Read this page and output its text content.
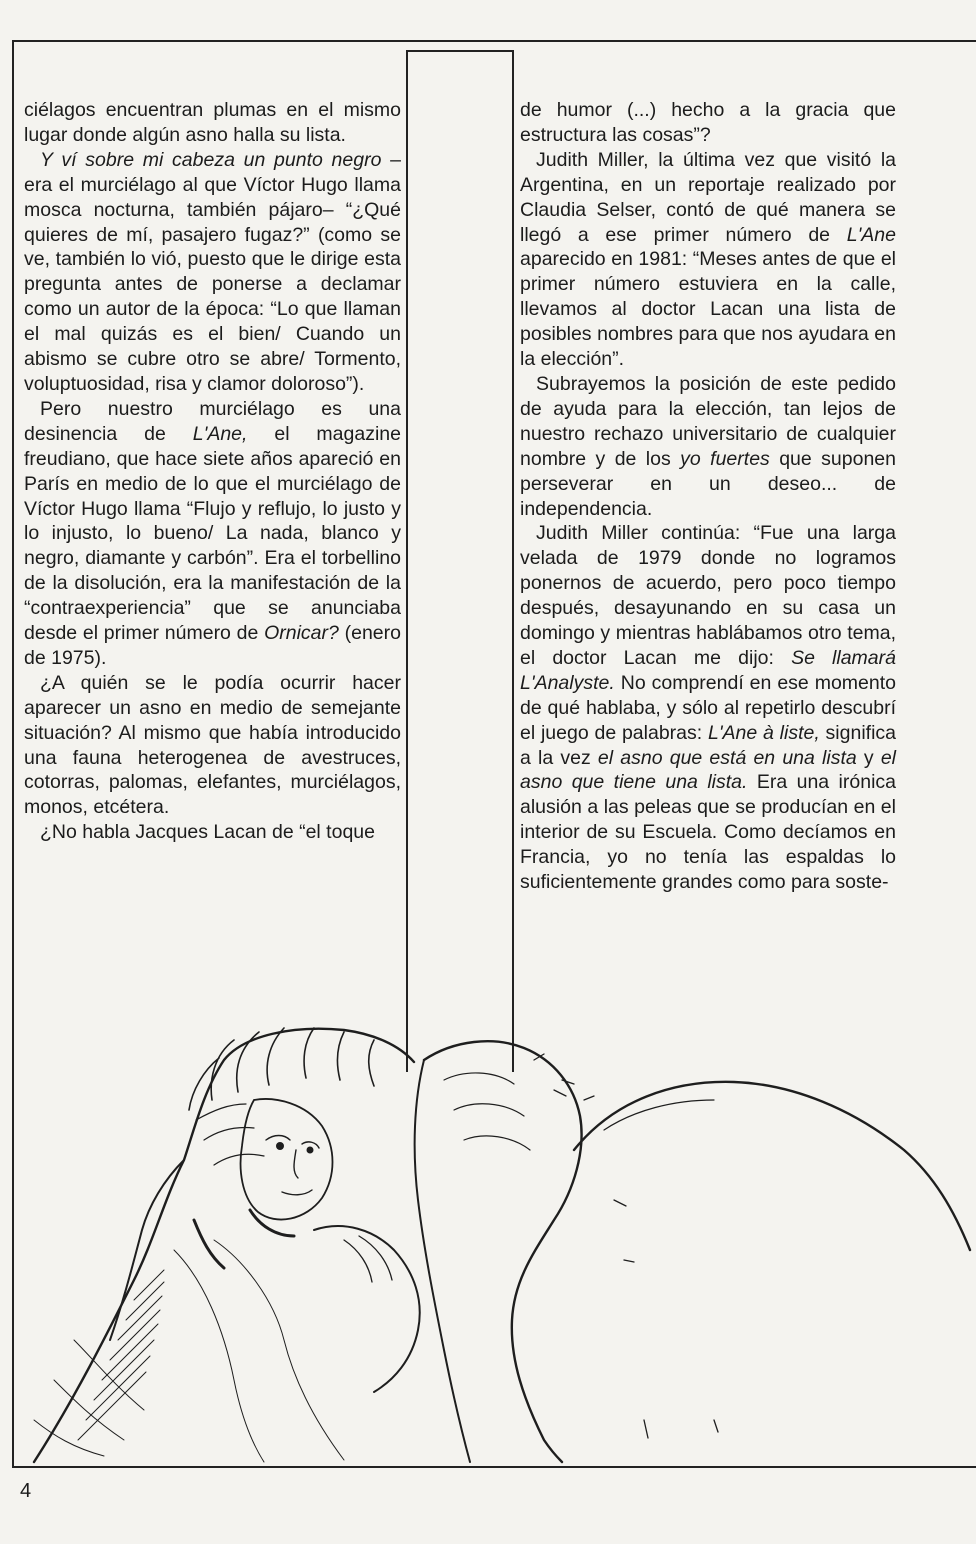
ciélagos encuentran plumas en el mismo lugar donde algún asno halla su lista.

Y ví sobre mi cabeza un punto negro –era el murciélago al que Víctor Hugo llama mosca nocturna, también pájaro– “¿Qué quieres de mí, pasajero fugaz?” (como se ve, también lo vió, puesto que le dirige esta pregunta antes de ponerse a declamar como un autor de la época: “Lo que llaman el mal quizás es el bien/ Cuando un abismo se cubre otro se abre/ Tormento, voluptuosidad, risa y clamor doloroso”).

Pero nuestro murciélago es una desinencia de L'Ane, el magazine freudiano, que hace siete años apareció en París en medio de lo que el murciélago de Víctor Hugo llama “Flujo y reflujo, lo justo y lo injusto, lo bueno/ La nada, blanco y negro, diamante y carbón”. Era el torbellino de la disolución, era la manifestación de la “contraexperiencia” que se anunciaba desde el primer número de Ornicar? (enero de 1975).

¿A quién se le podía ocurrir hacer aparecer un asno en medio de semejante situación? Al mismo que había introducido una fauna heterogenea de avestruces, cotorras, palomas, elefantes, murciélagos, monos, etcétera.

¿No habla Jacques Lacan de “el toque

de humor (...) hecho a la gracia que estructura las cosas”?

Judith Miller, la última vez que visitó la Argentina, en un reportaje realizado por Claudia Selser, contó de qué manera se llegó a ese primer número de L'Ane aparecido en 1981: “Meses antes de que el primer número estuviera en la calle, llevamos al doctor Lacan una lista de posibles nombres para que nos ayudara en la elección”.

Subrayemos la posición de este pedido de ayuda para la elección, tan lejos de nuestro rechazo universitario de cualquier nombre y de los yo fuertes que suponen perseverar en un deseo... de independencia.

Judith Miller continúa: “Fue una larga velada de 1979 donde no logramos ponernos de acuerdo, pero poco tiempo después, desayunando en su casa un domingo y mientras hablábamos otro tema, el doctor Lacan me dijo: Se llamará L'Analyste. No comprendí en ese momento de qué hablaba, y sólo al repetirlo descubrí el juego de palabras: L'Ane à liste, significa a la vez el asno que está en una lista y el asno que tiene una lista. Era una irónica alusión a las peleas que se producían en el interior de su Escuela. Como decíamos en Francia, yo no tenía las espaldas lo suficientemente grandes como para soste-

4
